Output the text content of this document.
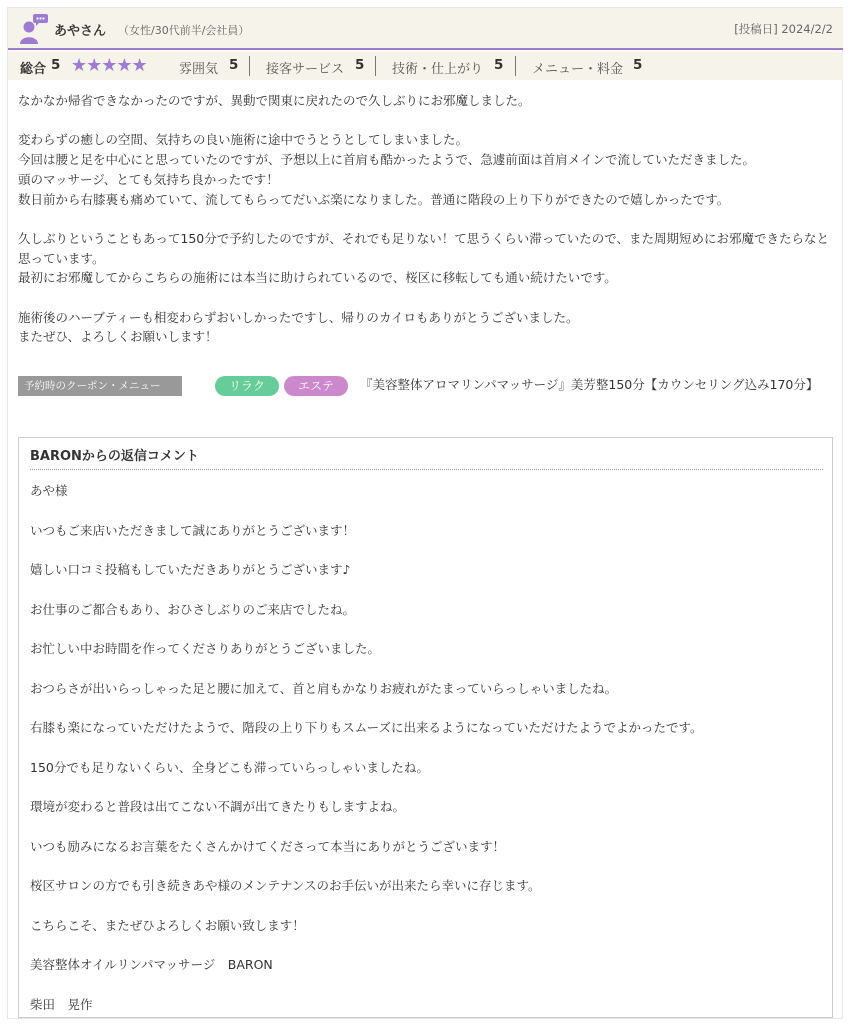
あやさん （女性/30代前半/会社員）	[投稿日] 2024/2/2
総合 5 ★★★★★ 雰囲気 5 接客サービス 5 技術・仕上がり 5 メニュー・料金 5

なかなか帰省できなかったのですが、異動で関東に戻れたので久しぶりにお邪魔しました。

変わらずの癒しの空間、気持ちの良い施術に途中でうとうとしてしまいました。

今回は腰と足を中心にと思っていたのですが、予想以上に首肩も酷かったようで、急遽前面は首肩メインで流していただきました。

頭のマッサージ、とても気持ち良かったです！

数日前から右膝裏も痛めていて、流してもらってだいぶ楽になりました。普通に階段の上り下りができたので嬉しかったです。

久しぶりということもあって150分で予約したのですが、それでも足りない！て思うくらい滞っていたので、また周期短めにお邪魔できたらなと思っています。

最初にお邪魔してからこちらの施術には本当に助けられているので、桜区に移転しても通い続けたいです。

施術後のハーブティーも相変わらずおいしかったですし、帰りのカイロもありがとうございました。

またぜひ、よろしくお願いします！

予約時のクーポン・メニュー	リラク	エステ	『美容整体アロマリンパマッサージ』美芳整150分【カウンセリング込み170分】
BARONからの返信コメント

あや様

いつもご来店いただきまして誠にありがとうございます！

嬉しい口コミ投稿もしていただきありがとうございます♪

お仕事のご都合もあり、おひさしぶりのご来店でしたね。

お忙しい中お時間を作ってくださりありがとうございました。

おつらさが出いらっしゃった足と腰に加えて、首と肩もかなりお疲れがたまっていらっしゃいましたね。

右膝も楽になっていただけたようで、階段の上り下りもスムーズに出来るようになっていただけたようでよかったです。

150分でも足りないくらい、全身どこも滞っていらっしゃいましたね。

環境が変わると普段は出てこない不調が出てきたりもしますよね。

いつも励みになるお言葉をたくさんかけてくださって本当にありがとうございます！

桜区サロンの方でも引き続きあや様のメンテナンスのお手伝いが出来たら幸いに存じます。

こちらこそ、またぜひよろしくお願い致します！

美容整体オイルリンパマッサージ　BARON

柴田　晃作
